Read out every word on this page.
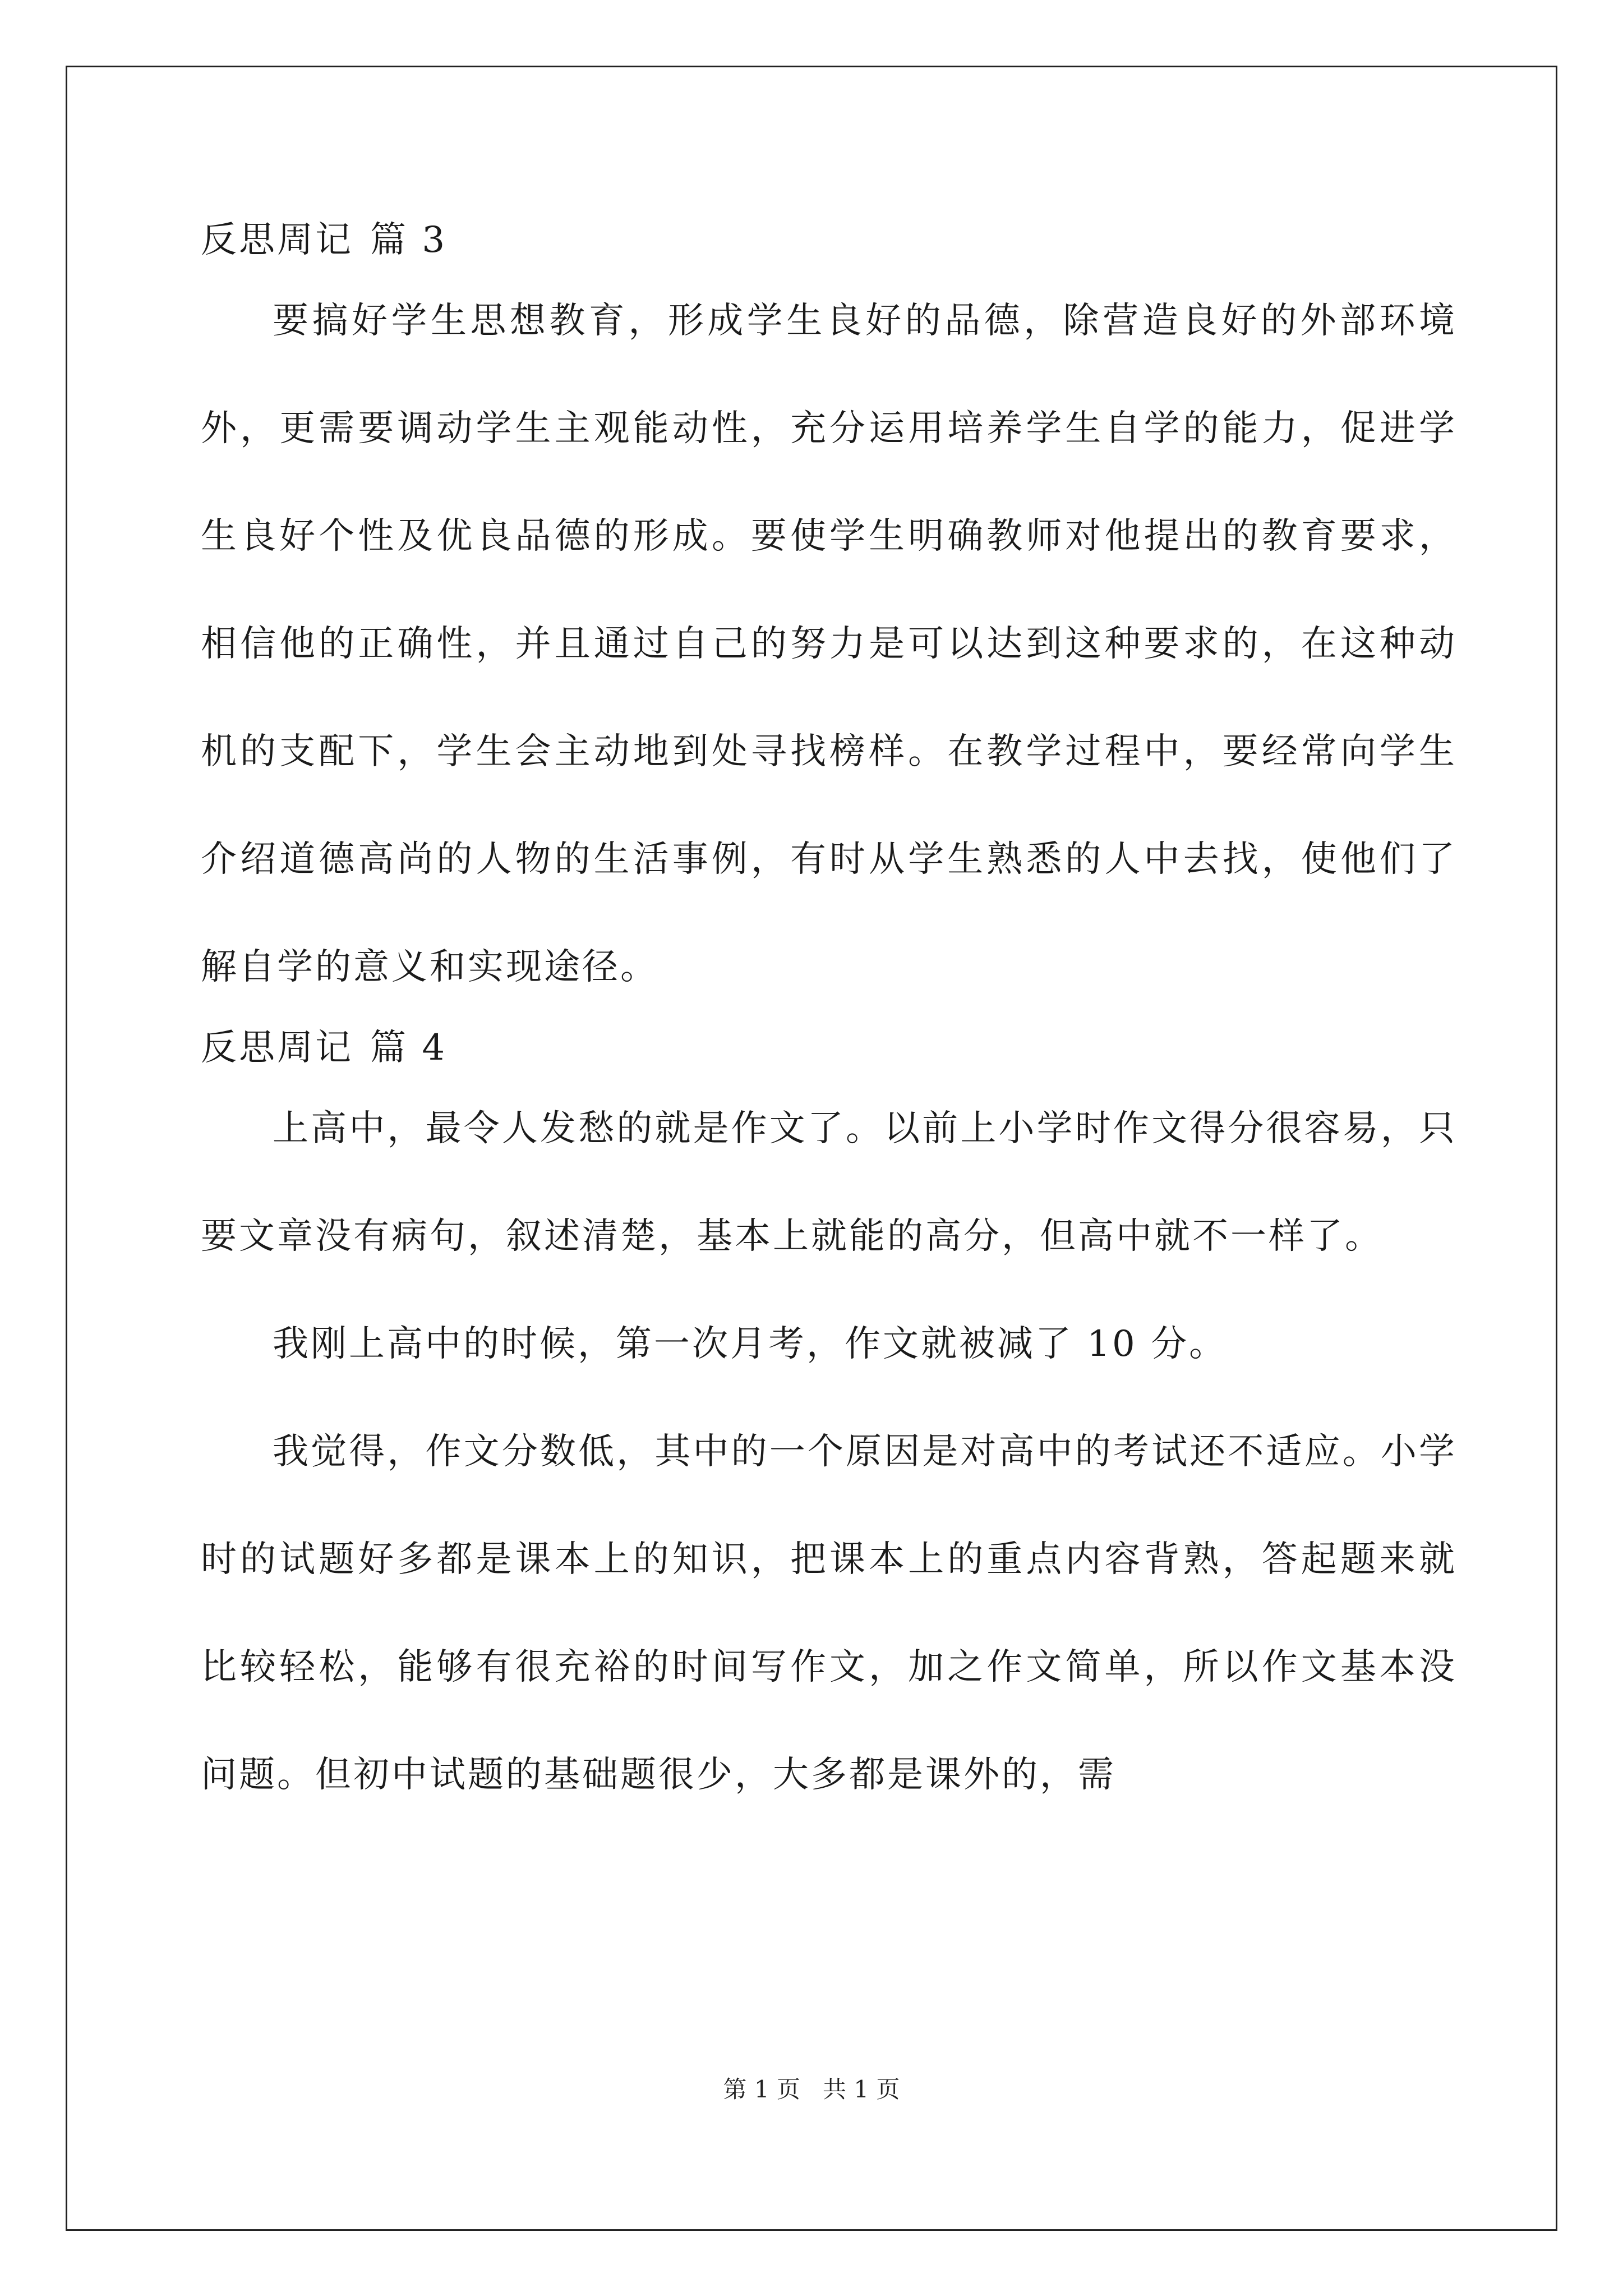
反思周记 篇 3

要搞好学生思想教育，形成学生良好的品德，除营造良好的外部环境外，更需要调动学生主观能动性，充分运用培养学生自学的能力，促进学生良好个性及优良品德的形成。要使学生明确教师对他提出的教育要求，相信他的正确性，并且通过自己的努力是可以达到这种要求的，在这种动机的支配下，学生会主动地到处寻找榜样。在教学过程中，要经常向学生介绍道德高尚的人物的生活事例，有时从学生熟悉的人中去找，使他们了解自学的意义和实现途径。

反思周记 篇 4

上高中，最令人发愁的就是作文了。以前上小学时作文得分很容易，只要文章没有病句，叙述清楚，基本上就能的高分，但高中就不一样了。

我刚上高中的时候，第一次月考，作文就被减了 10 分。

我觉得，作文分数低，其中的一个原因是对高中的考试还不适应。小学时的试题好多都是课本上的知识，把课本上的重点内容背熟，答起题来就比较轻松，能够有很充裕的时间写作文，加之作文简单，所以作文基本没问题。但初中试题的基础题很少，大多都是课外的，需

第 1 页   共 1 页
